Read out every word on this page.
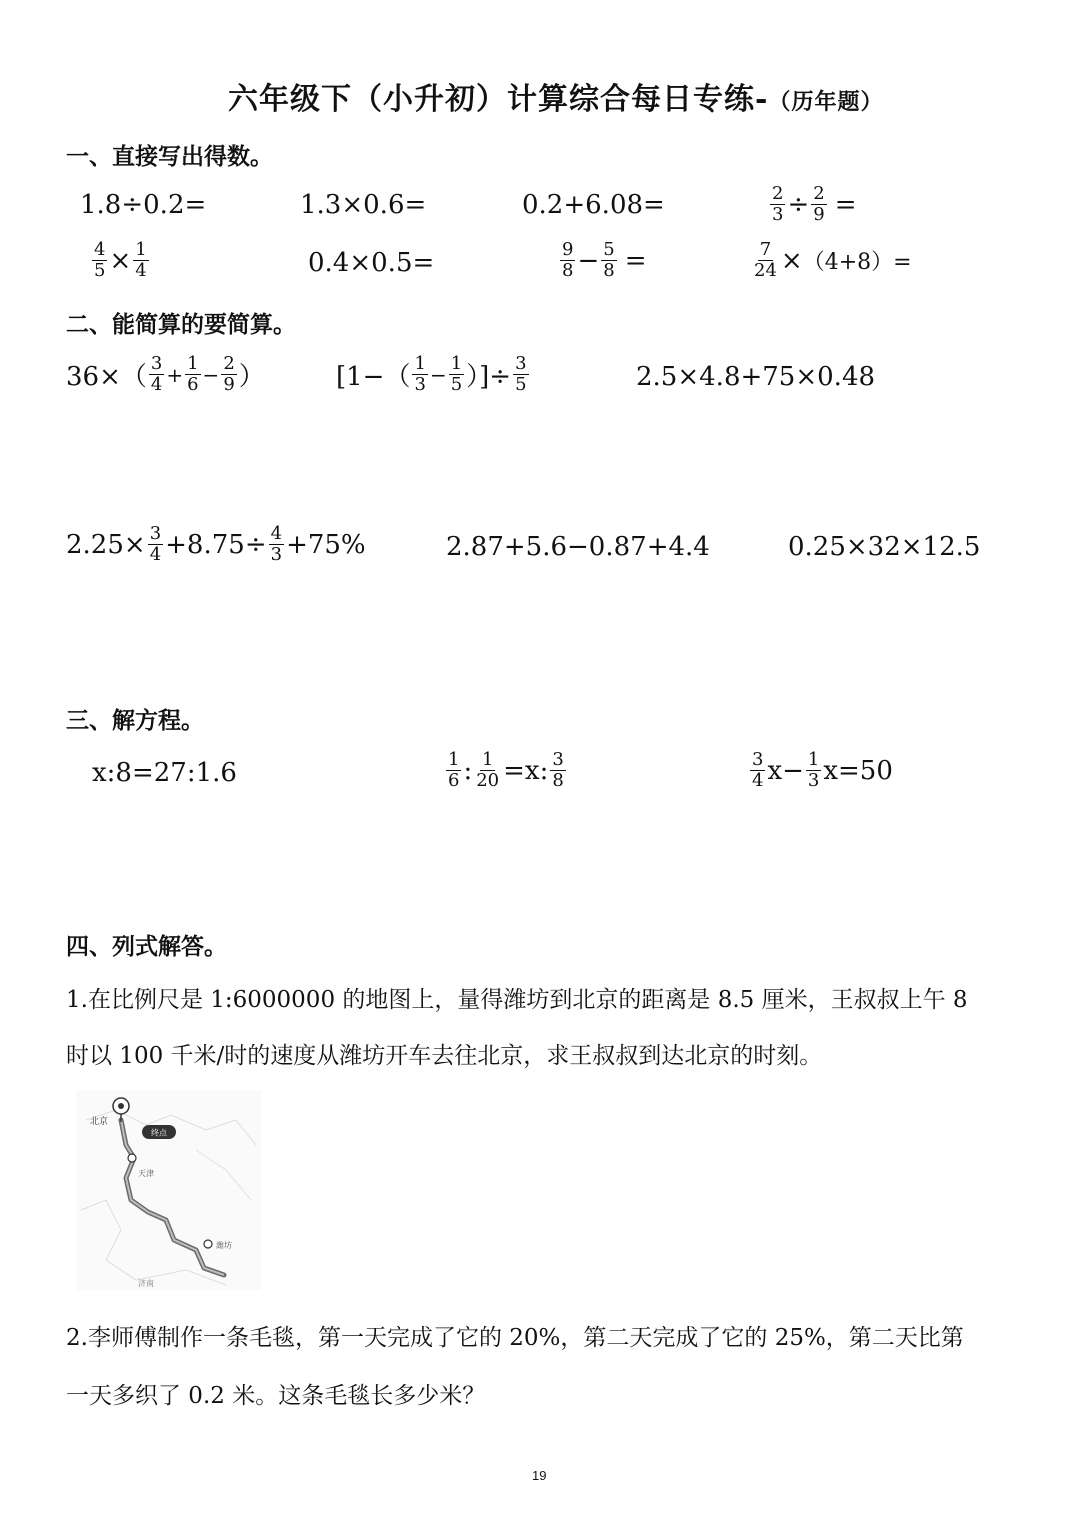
六年级下（小升初）计算综合每日专练-（历年题）
一、直接写出得数。
1.8÷0.2=	1.3×0.6=	0.2+6.08=	$\frac{2}{3} \div \frac{2}{9}$ =
$\frac{4}{5} \times \frac{1}{4}$	0.4×0.5=	$\frac{9}{8} - \frac{5}{8}$ =	$\frac{7}{24} \times (4+8)=$
二、能简算的要简算。
$36\times( \frac{3}{4} + \frac{1}{6} - \frac{2}{9}$ ）	[$1-( \frac{1}{3} - \frac{1}{5}$ ）]÷ $\frac{3}{5}$	2.5×4.8+75×0.48
$2.25\times \frac{3}{4} +8.75\div \frac{4}{3} +75\%$	2.87+5.6−0.87+4.4	0.25×32×12.5
三、解方程。
x:8=27:1.6	$\frac{1}{6}$ : $\frac{1}{20} =x$: $\frac{3}{8}$	$\frac{3}{4} x- \frac{1}{3} x=50$
四、列式解答。
1.在比例尺是 1:6000000 的地图上，量得潍坊到北京的距离是 8.5 厘米，王叔叔上午 8
时以 100 千米/时的速度从潍坊开车去往北京，求王叔叔到达北京的时刻。
终点
北京
天津
潍坊
济南
2.李师傅制作一条毛毯，第一天完成了它的 20%，第二天完成了它的 25%，第二天比第
一天多织了 0.2 米。这条毛毯长多少米？
19
